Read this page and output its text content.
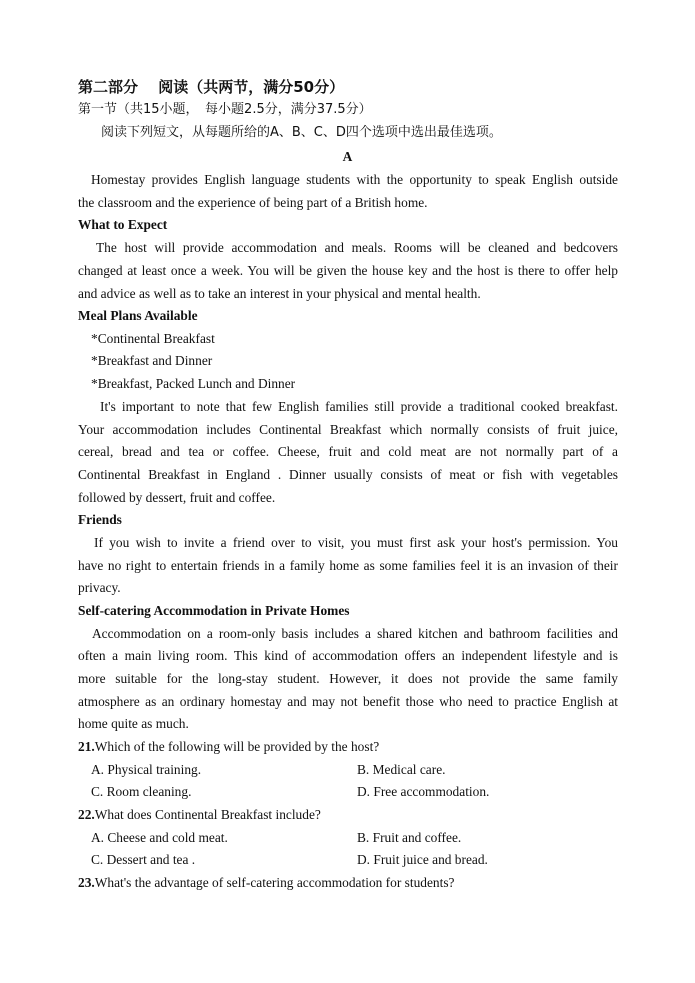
第二部分　 阅读（共两节，满分50分）
第一节（共15小题，　每小题2.5分，满分37.5分）
阅读下列短文，从每题所给的A、B、C、D四个选项中选出最佳选项。
A
Homestay provides English language students with the opportunity to speak English outside
the classroom and the experience of being part of a British home.
What to Expect
The host will provide accommodation and meals. Rooms will be cleaned and bedcovers
changed at least once a week. You will be given the house key and the host is there to offer help
and advice as well as to take an interest in your physical and mental health.
Meal Plans Available
*Continental Breakfast
*Breakfast and Dinner
*Breakfast, Packed Lunch and Dinner
It's important to note that few English families still provide a traditional cooked breakfast.
Your accommodation includes Continental Breakfast which normally consists of fruit juice,
cereal, bread and tea or coffee. Cheese, fruit and cold meat are not normally part of a
Continental Breakfast in England . Dinner usually consists of meat or fish with vegetables
followed by dessert, fruit and coffee.
Friends
If you wish to invite a friend over to visit, you must first ask your host's permission. You
have no right to entertain friends in a family home as some families feel it is an invasion of their
privacy.
Self-catering Accommodation in Private Homes
Accommodation on a room-only basis includes a shared kitchen and bathroom facilities and
often a main living room. This kind of accommodation offers an independent lifestyle and is
more suitable for the long-stay student. However, it does not provide the same family
atmosphere as an ordinary homestay and may not benefit those who need to practice English at
home quite as much.
21.Which of the following will be provided by the host?
A. Physical training.	B. Medical care.
C. Room cleaning.	D. Free accommodation.
22.What does Continental Breakfast include?
A. Cheese and cold meat.	B. Fruit and coffee.
C. Dessert and tea .	D. Fruit juice and bread.
23.What's the advantage of self-catering accommodation for students?
